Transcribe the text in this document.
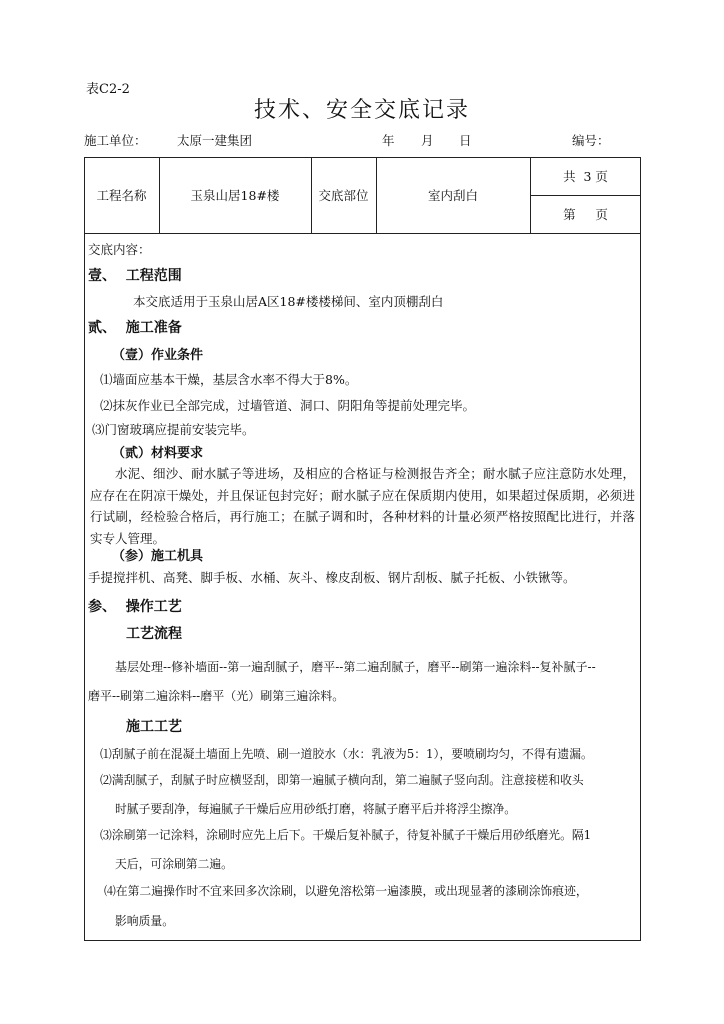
表C2-2
技术、安全交底记录
施工单位： 太原一建集团	年 月 日	编号：
工程名称	玉泉山居18#楼	交底部位	室内刮白
共  3 页
第     页
交底内容：
壹、  工程范围
本交底适用于玉泉山居A区18#楼楼梯间、室内顶棚刮白
贰、  施工准备
（壹）作业条件
⑴墙面应基本干燥，基层含水率不得大于8%。
⑵抹灰作业已全部完成，过墙管道、洞口、阴阳角等提前处理完毕。
⑶门窗玻璃应提前安装完毕。
（贰）材料要求
水泥、细沙、耐水腻子等进场，及相应的合格证与检测报告齐全；耐水腻子应注意防水处理，应存在在阴凉干燥处，并且保证包封完好；耐水腻子应在保质期内使用，如果超过保质期，必须进行试刷，经检验合格后，再行施工；在腻子调和时，各种材料的计量必须严格按照配比进行，并落实专人管理。
（参）施工机具
手提搅拌机、高凳、脚手板、水桶、灰斗、橡皮刮板、钢片刮板、腻子托板、小铁锹等。
参、  操作工艺
工艺流程
基层处理--修补墙面--第一遍刮腻子，磨平--第二遍刮腻子，磨平--刷第一遍涂料--复补腻子--
磨平--刷第二遍涂料--磨平（光）刷第三遍涂料。
施工工艺
⑴刮腻子前在混凝土墙面上先喷、刷一道胶水（水：乳液为5：1），要喷刷均匀，不得有遗漏。
⑵满刮腻子，刮腻子时应横竖刮，即第一遍腻子横向刮，第二遍腻子竖向刮。注意接槎和收头
时腻子要刮净，每遍腻子干燥后应用砂纸打磨，将腻子磨平后并将浮尘擦净。
⑶涂刷第一记涂料，涂刷时应先上后下。干燥后复补腻子，待复补腻子干燥后用砂纸磨光。隔1
天后，可涂刷第二遍。
⑷在第二遍操作时不宜来回多次涂刷，以避免溶松第一遍漆膜，或出现显著的漆刷涂饰痕迹，
影响质量。
